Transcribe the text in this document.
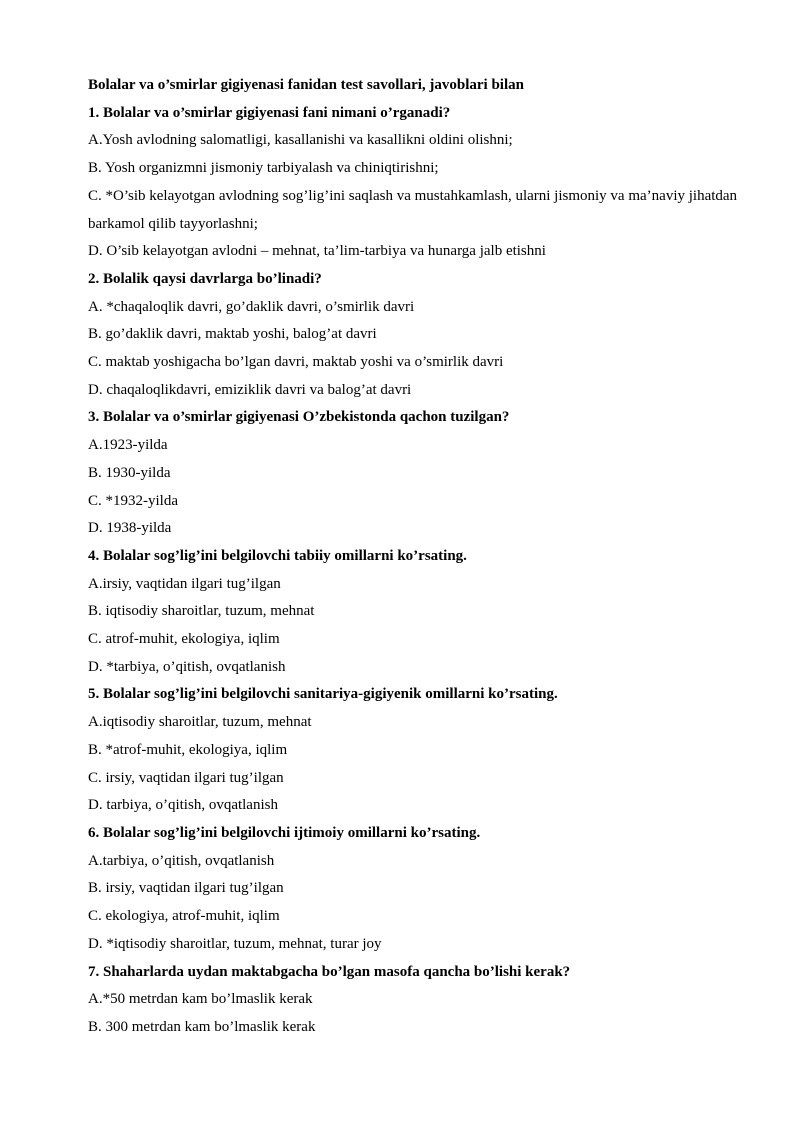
Bolalar va o’smirlar gigiyenasi fanidan test savollari, javoblari bilan

1. Bolalar va o’smirlar gigiyenasi fani nimani o’rganadi?

A.Yosh avlodning salomatligi, kasallanishi va kasallikni oldini olishni;

B. Yosh organizmni jismoniy tarbiyalash va chiniqtirishni;

C. *O’sib kelayotgan avlodning sog’lig’ini saqlash va mustahkamlash, ularni jismoniy va ma’naviy jihatdan barkamol qilib tayyorlashni;

D. O’sib kelayotgan avlodni – mehnat, ta’lim-tarbiya va hunarga jalb etishni

2. Bolalik qaysi davrlarga bo’linadi?

A. *chaqaloqlik davri, go’daklik davri, o’smirlik davri

B. go’daklik davri, maktab yoshi, balog’at davri

C. maktab yoshigacha bo’lgan davri, maktab yoshi va o’smirlik davri

D. chaqaloqlikdavri, emiziklik davri va balog’at davri

3. Bolalar va o’smirlar gigiyenasi O’zbekistonda qachon tuzilgan?

A.1923-yilda

B. 1930-yilda

C. *1932-yilda

D. 1938-yilda

4. Bolalar sog’lig’ini belgilovchi tabiiy omillarni ko’rsating.

A.irsiy, vaqtidan ilgari tug’ilgan

B. iqtisodiy sharoitlar, tuzum, mehnat

C. atrof-muhit, ekologiya, iqlim

D. *tarbiya, o’qitish, ovqatlanish

5. Bolalar sog’lig’ini belgilovchi sanitariya-gigiyenik omillarni ko’rsating.

A.iqtisodiy sharoitlar, tuzum, mehnat

B. *atrof-muhit, ekologiya, iqlim

C. irsiy, vaqtidan ilgari tug’ilgan

D. tarbiya, o’qitish, ovqatlanish

6. Bolalar sog’lig’ini belgilovchi ijtimoiy omillarni ko’rsating.

A.tarbiya, o’qitish, ovqatlanish

B. irsiy, vaqtidan ilgari tug’ilgan

C. ekologiya, atrof-muhit, iqlim

D. *iqtisodiy sharoitlar, tuzum, mehnat, turar joy

7. Shaharlarda uydan maktabgacha bo’lgan masofa qancha bo’lishi kerak?

A.*50 metrdan kam bo’lmaslik kerak

B. 300 metrdan kam bo’lmaslik kerak
